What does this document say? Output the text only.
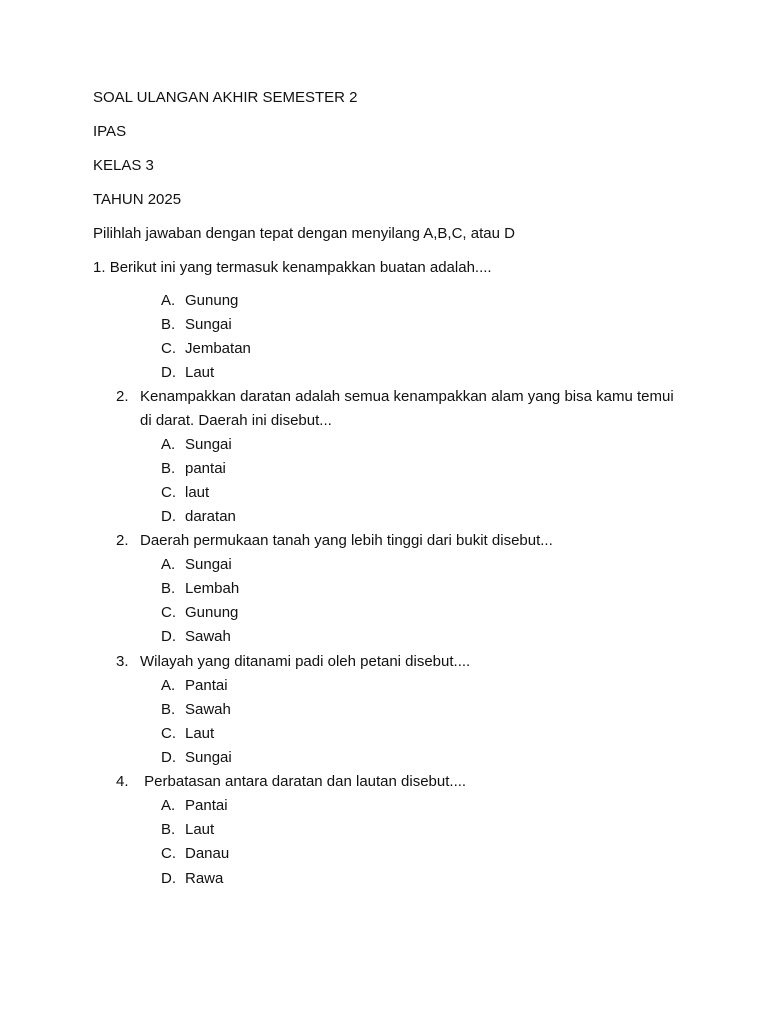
SOAL ULANGAN AKHIR SEMESTER 2
IPAS
KELAS 3
TAHUN 2025
Pilihlah jawaban dengan tepat dengan menyilang A,B,C, atau D
1. Berikut ini yang termasuk kenampakkan buatan adalah....
A. Gunung
B. Sungai
C. Jembatan
D. Laut
2. Kenampakkan daratan adalah semua kenampakkan alam yang bisa kamu temui di darat. Daerah ini disebut...
A. Sungai
B. pantai
C. laut
D. daratan
2. Daerah permukaan tanah yang lebih tinggi dari bukit disebut...
A. Sungai
B. Lembah
C. Gunung
D. Sawah
3. Wilayah yang ditanami padi oleh petani disebut....
A. Pantai
B. Sawah
C. Laut
D. Sungai
4. Perbatasan antara daratan dan lautan disebut....
A. Pantai
B. Laut
C. Danau
D. Rawa
